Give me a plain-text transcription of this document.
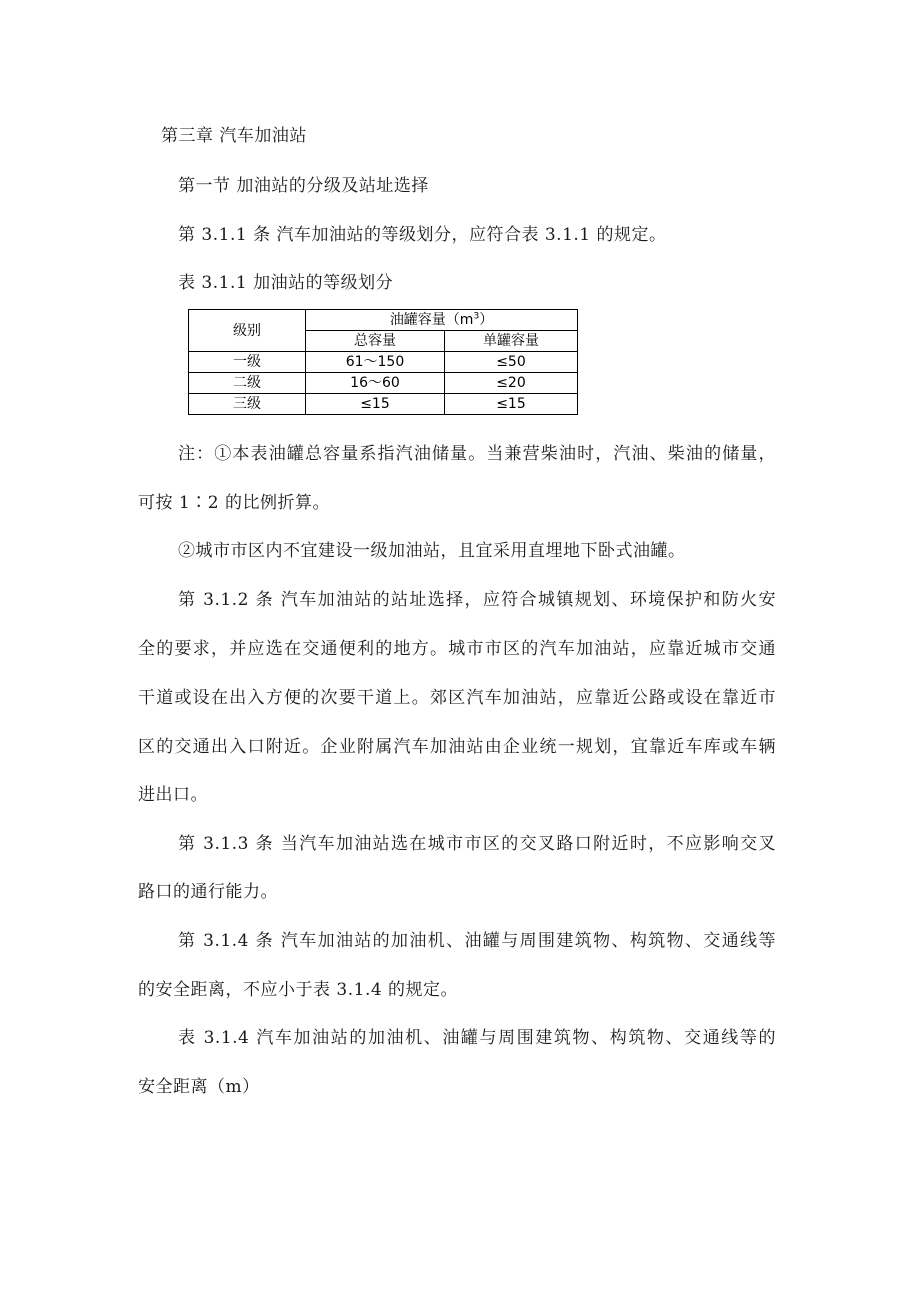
第三章 汽车加油站
第一节 加油站的分级及站址选择
第 3.1.1 条 汽车加油站的等级划分，应符合表 3.1.1 的规定。
表 3.1.1 加油站的等级划分
级别	油罐容量$(m^3)$	
	总容量	单罐容量
一级	61～150	≤50
二级	16～60	≤20
三级	≤15	≤15
注：①本表油罐总容量系指汽油储量。当兼营柴油时，汽油、柴油的储量，
可按 1∶2 的比例折算。
②城市市区内不宜建设一级加油站，且宜采用直埋地下卧式油罐。
第 3.1.2 条 汽车加油站的站址选择，应符合城镇规划、环境保护和防火安
全的要求，并应选在交通便利的地方。城市市区的汽车加油站，应靠近城市交通
干道或设在出入方便的次要干道上。郊区汽车加油站，应靠近公路或设在靠近市
区的交通出入口附近。企业附属汽车加油站由企业统一规划，宜靠近车库或车辆
进出口。
第 3.1.3 条 当汽车加油站选在城市市区的交叉路口附近时，不应影响交叉
路口的通行能力。
第 3.1.4 条 汽车加油站的加油机、油罐与周围建筑物、构筑物、交通线等
的安全距离，不应小于表 3.1.4 的规定。
表 3.1.4 汽车加油站的加油机、油罐与周围建筑物、构筑物、交通线等的
安全距离（m）
